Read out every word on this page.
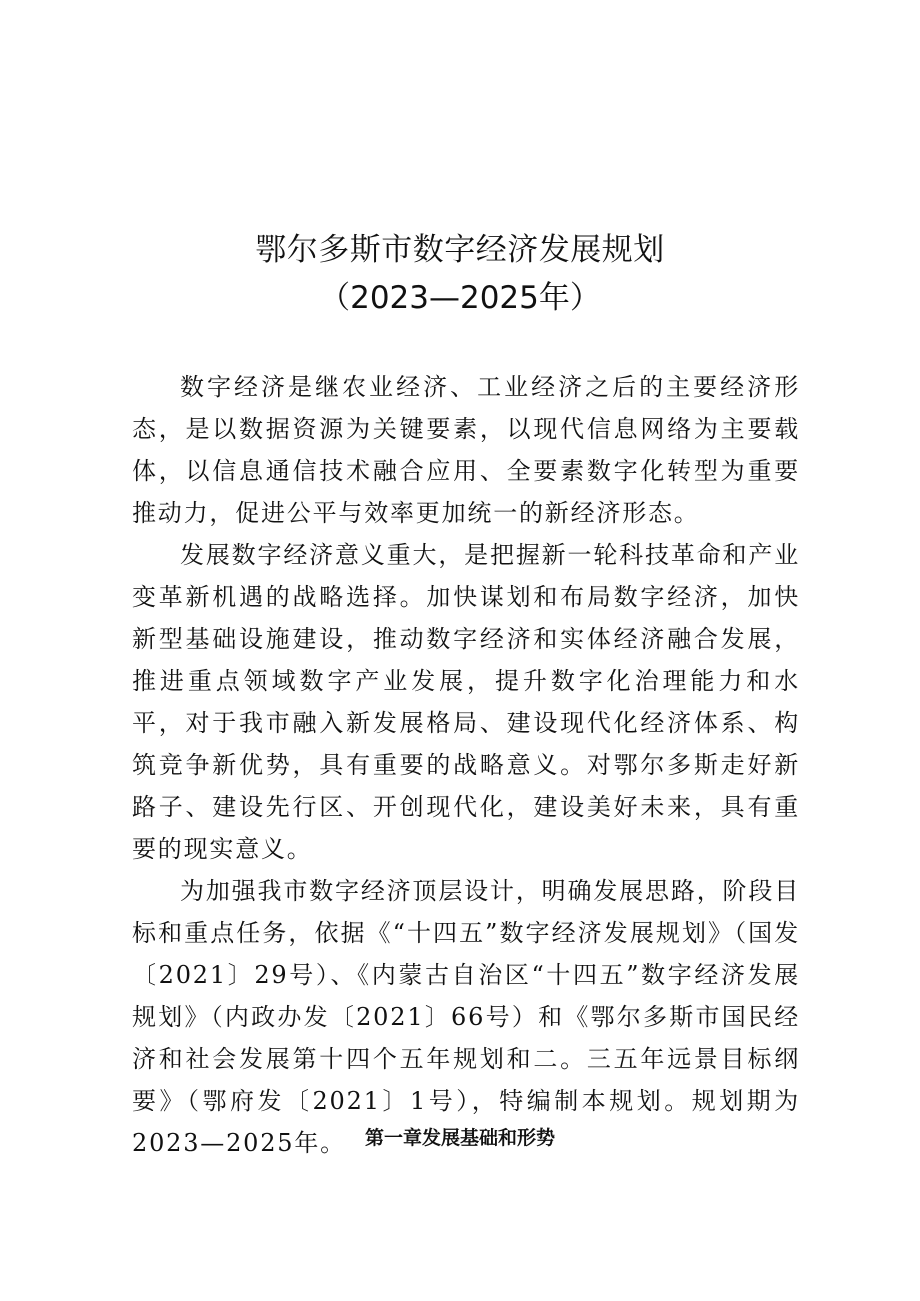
鄂尔多斯市数字经济发展规划
（2023—2025年）

数字经济是继农业经济、工业经济之后的主要经济形态，是以数据资源为关键要素，以现代信息网络为主要载体，以信息通信技术融合应用、全要素数字化转型为重要推动力，促进公平与效率更加统一的新经济形态。

发展数字经济意义重大，是把握新一轮科技革命和产业变革新机遇的战略选择。加快谋划和布局数字经济，加快新型基础设施建设，推动数字经济和实体经济融合发展，推进重点领域数字产业发展，提升数字化治理能力和水平，对于我市融入新发展格局、建设现代化经济体系、构筑竞争新优势，具有重要的战略意义。对鄂尔多斯走好新路子、建设先行区、开创现代化，建设美好未来，具有重要的现实意义。

为加强我市数字经济顶层设计，明确发展思路，阶段目标和重点任务，依据《“十四五”数字经济发展规划》（国发〔2021〕29号）、《内蒙古自治区“十四五”数字经济发展规划》（内政办发〔2021〕66号）和《鄂尔多斯市国民经济和社会发展第十四个五年规划和二。三五年远景目标纲要》（鄂府发〔2021〕1号），特编制本规划。规划期为2023—2025年。	第一章发展基础和形势
